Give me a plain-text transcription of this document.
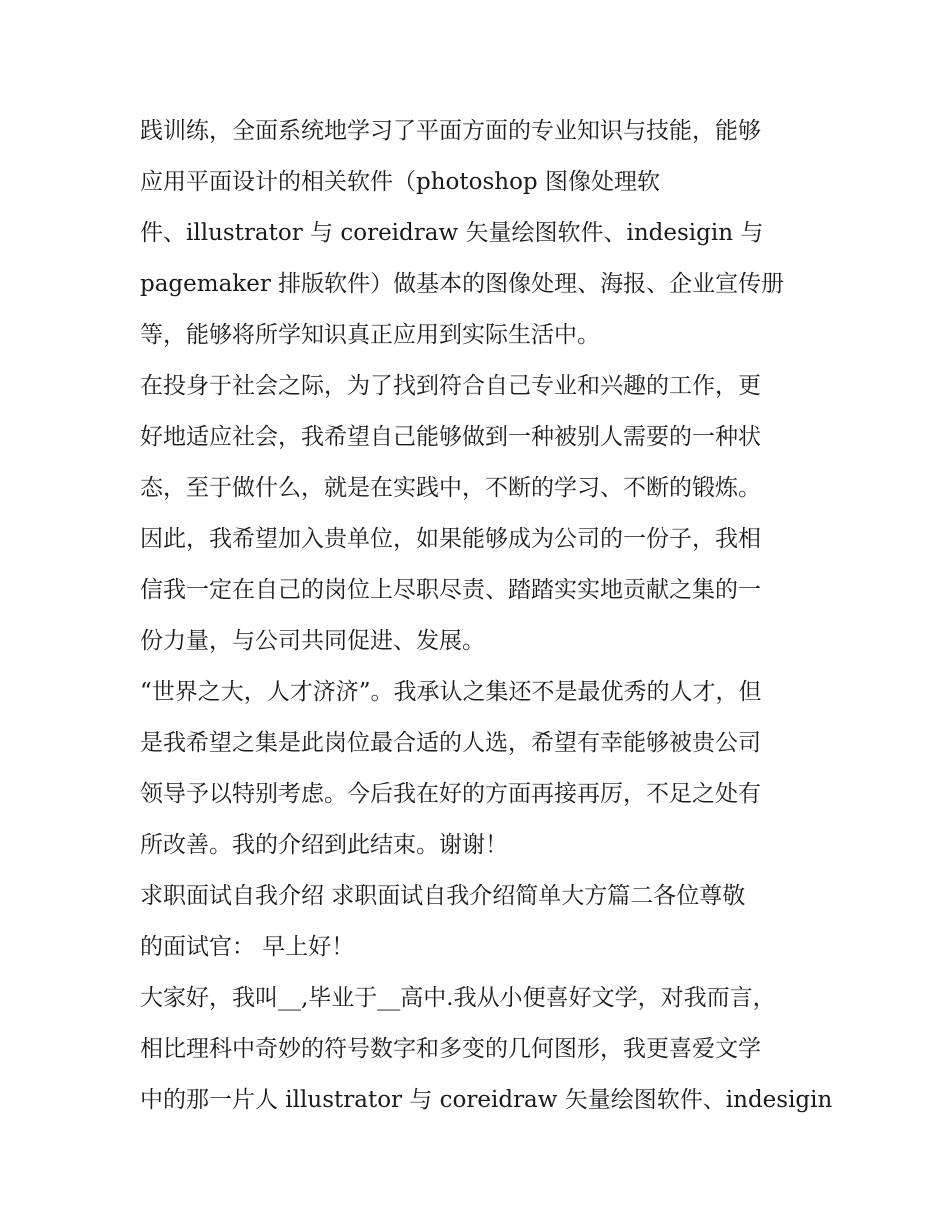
践训练，全面系统地学习了平面方面的专业知识与技能，能够
应用平面设计的相关软件（photoshop 图像处理软
件、illustrator 与 coreidraw 矢量绘图软件、indesigin 与
pagemaker 排版软件）做基本的图像处理、海报、企业宣传册
等，能够将所学知识真正应用到实际生活中。
在投身于社会之际，为了找到符合自己专业和兴趣的工作，更
好地适应社会，我希望自己能够做到一种被别人需要的一种状
态，至于做什么，就是在实践中，不断的学习、不断的锻炼。
因此，我希望加入贵单位，如果能够成为公司的一份子，我相
信我一定在自己的岗位上尽职尽责、踏踏实实地贡献之集的一
份力量，与公司共同促进、发展。
“世界之大，人才济济”。我承认之集还不是最优秀的人才，但
是我希望之集是此岗位最合适的人选，希望有幸能够被贵公司
领导予以特别考虑。今后我在好的方面再接再厉，不足之处有
所改善。我的介绍到此结束。谢谢！
求职面试自我介绍 求职面试自我介绍简单大方篇二各位尊敬
的面试官： 早上好！
大家好，我叫__,毕业于__高中.我从小便喜好文学，对我而言，
相比理科中奇妙的符号数字和多变的几何图形，我更喜爱文学
中的那一片人 illustrator 与 coreidraw 矢量绘图软件、indesigin
